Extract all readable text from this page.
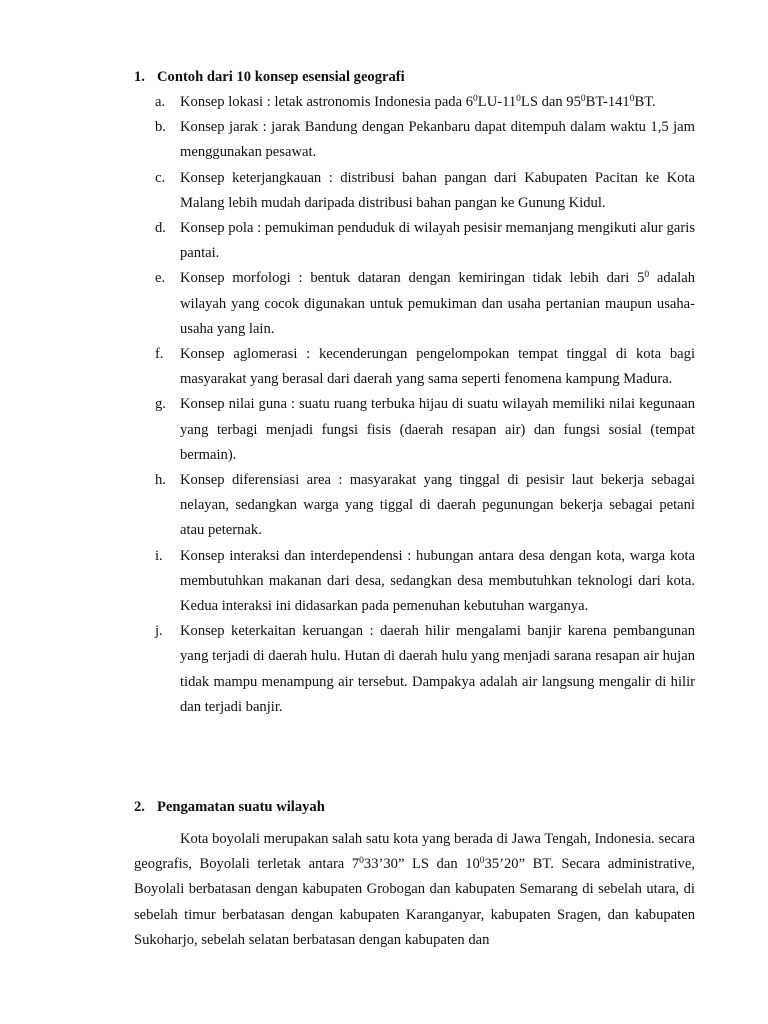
1. Contoh dari 10 konsep esensial geografi
a. Konsep lokasi : letak astronomis Indonesia pada $6^0LU-11^0LS$ dan $95^0BT-141^0BT$.
b. Konsep jarak : jarak Bandung dengan Pekanbaru dapat ditempuh dalam waktu 1,5 jam menggunakan pesawat.
c. Konsep keterjangkauan : distribusi bahan pangan dari Kabupaten Pacitan ke Kota Malang lebih mudah daripada distribusi bahan pangan ke Gunung Kidul.
d. Konsep pola : pemukiman penduduk di wilayah pesisir memanjang mengikuti alur garis pantai.
e. Konsep morfologi : bentuk dataran dengan kemiringan tidak lebih dari $5^0$ adalah wilayah yang cocok digunakan untuk pemukiman dan usaha pertanian maupun usaha-usaha yang lain.
f. Konsep aglomerasi : kecenderungan pengelompokan tempat tinggal di kota bagi masyarakat yang berasal dari daerah yang sama seperti fenomena kampung Madura.
g. Konsep nilai guna : suatu ruang terbuka hijau di suatu wilayah memiliki nilai kegunaan yang terbagi menjadi fungsi fisis (daerah resapan air) dan fungsi sosial (tempat bermain).
h. Konsep diferensiasi area : masyarakat yang tinggal di pesisir laut bekerja sebagai nelayan, sedangkan warga yang tiggal di daerah pegunungan bekerja sebagai petani atau peternak.
i. Konsep interaksi dan interdependensi : hubungan antara desa dengan kota, warga kota membutuhkan makanan dari desa, sedangkan desa membutuhkan teknologi dari kota. Kedua interaksi ini didasarkan pada pemenuhan kebutuhan warganya.
j. Konsep keterkaitan keruangan : daerah hilir mengalami banjir karena pembangunan yang terjadi di daerah hulu. Hutan di daerah hulu yang menjadi sarana resapan air hujan tidak mampu menampung air tersebut. Dampakya adalah air langsung mengalir di hilir dan terjadi banjir.
2. Pengamatan suatu wilayah

Kota boyolali merupakan salah satu kota yang berada di Jawa Tengah, Indonesia. secara geografis, Boyolali terletak antara $7^033’30$” LS dan $10^035’20$” BT. Secara administrative, Boyolali berbatasan dengan kabupaten Grobogan dan kabupaten Semarang di sebelah utara, di sebelah timur berbatasan dengan kabupaten Karanganyar, kabupaten Sragen, dan kabupaten Sukoharjo, sebelah selatan berbatasan dengan kabupaten dan
